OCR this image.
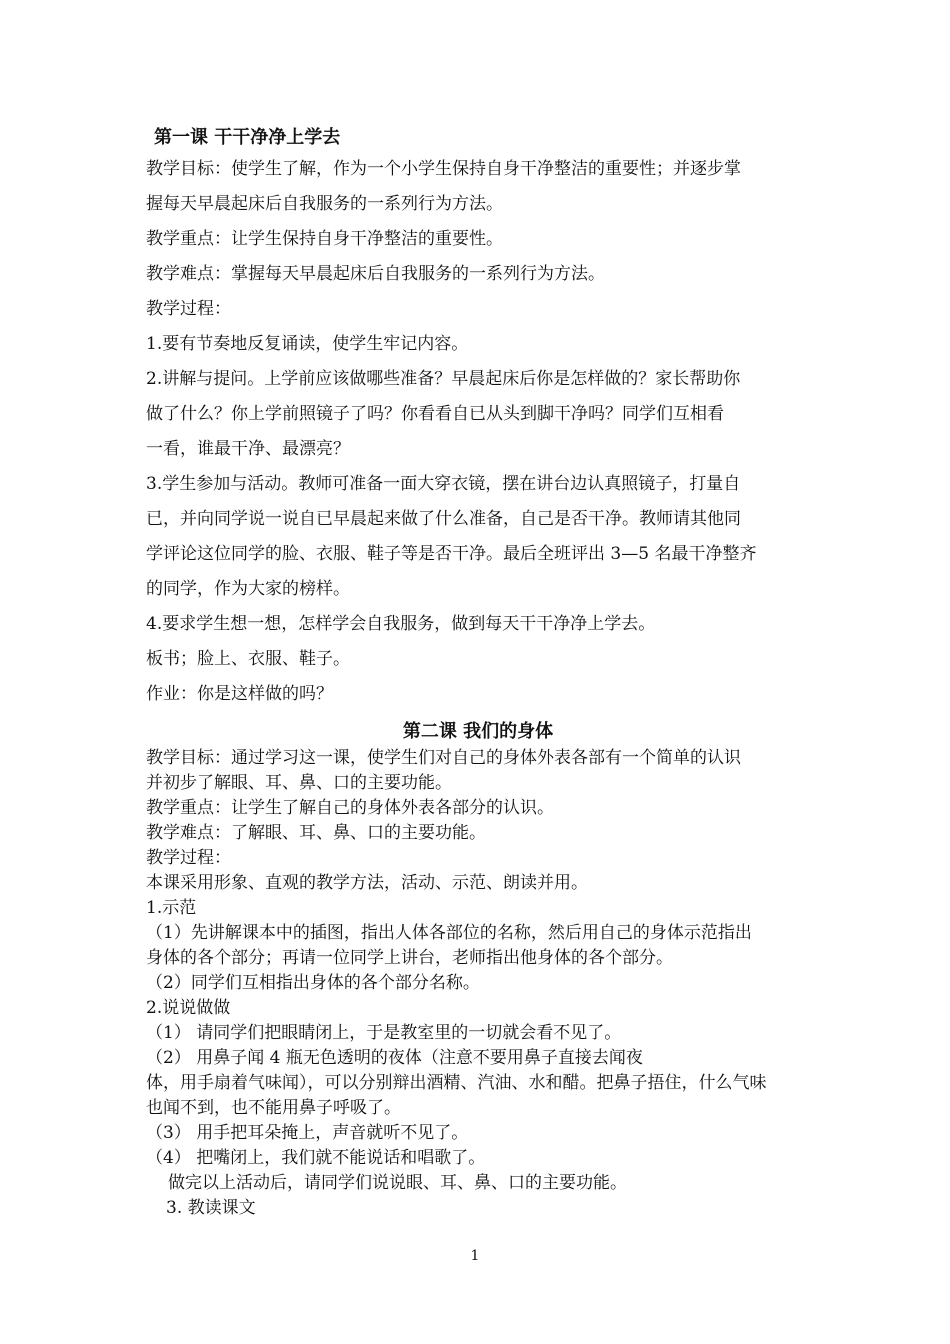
第一课 干干净净上学去

教学目标：使学生了解，作为一个小学生保持自身干净整洁的重要性；并逐步掌

握每天早晨起床后自我服务的一系列行为方法。

教学重点：让学生保持自身干净整洁的重要性。

教学难点：掌握每天早晨起床后自我服务的一系列行为方法。

教学过程：

1.要有节奏地反复诵读，使学生牢记内容。

2.讲解与提问。上学前应该做哪些准备？早晨起床后你是怎样做的？家长帮助你

做了什么？你上学前照镜子了吗？你看看自已从头到脚干净吗？同学们互相看

一看，谁最干净、最漂亮？

3.学生参加与活动。教师可准备一面大穿衣镜，摆在讲台边认真照镜子，打量自

已，并向同学说一说自已早晨起来做了什么准备，自己是否干净。教师请其他同

学评论这位同学的脸、衣服、鞋子等是否干净。最后全班评出 3—5 名最干净整齐

的同学，作为大家的榜样。

4.要求学生想一想，怎样学会自我服务，做到每天干干净净上学去。

板书；脸上、衣服、鞋子。

作业：你是这样做的吗？

第二课 我们的身体

教学目标：通过学习这一课，使学生们对自己的身体外表各部有一个简单的认识

并初步了解眼、耳、鼻、口的主要功能。

教学重点：让学生了解自己的身体外表各部分的认识。

教学难点：了解眼、耳、鼻、口的主要功能。

教学过程：

本课采用形象、直观的教学方法，活动、示范、朗读并用。

1.示范

（1）先讲解课本中的插图，指出人体各部位的名称，然后用自己的身体示范指出

身体的各个部分；再请一位同学上讲台，老师指出他身体的各个部分。

（2）同学们互相指出身体的各个部分名称。

2.说说做做

（1） 请同学们把眼睛闭上，于是教室里的一切就会看不见了。

（2） 用鼻子闻 4 瓶无色透明的夜体（注意不要用鼻子直接去闻夜

体，用手扇着气味闻），可以分别辩出酒精、汽油、水和醋。把鼻子捂住，什么气味

也闻不到，也不能用鼻子呼吸了。

（3） 用手把耳朵掩上，声音就听不见了。

（4） 把嘴闭上，我们就不能说话和唱歌了。

做完以上活动后，请同学们说说眼、耳、鼻、口的主要功能。

3. 教读课文

1
